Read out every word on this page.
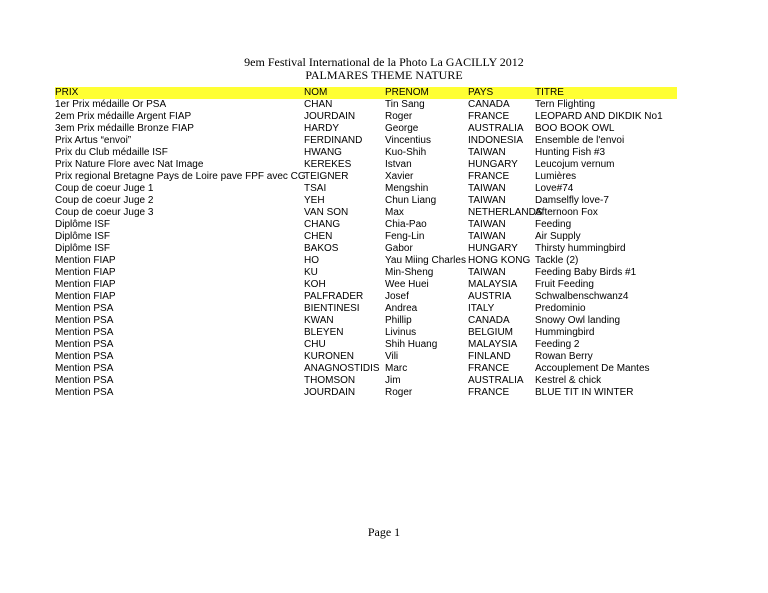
9em Festival International de la Photo La GACILLY 2012
PALMARES THEME NATURE
PRIX	NOM	PRENOM	PAYS	TITRE
1er Prix médaille Or PSA	CHAN	Tin Sang	CANADA	Tern Flighting
2em Prix médaille Argent FIAP	JOURDAIN	Roger	FRANCE	LEOPARD AND DIKDIK No1
3em Prix médaille Bronze FIAP	HARDY	George	AUSTRALIA	BOO BOOK OWL
Prix Artus “envoi”	FERDINAND	Vincentius	INDONESIA	Ensemble de l'envoi
Prix du Club médaille ISF	HWANG	Kuo-Shih	TAIWAN	Hunting Fish #3
Prix Nature Flore avec Nat Image	KEREKES	Istvan	HUNGARY	Leucojum vernum
Prix regional Bretagne Pays de Loire pave FPF avec CG	TEIGNER	Xavier	FRANCE	Lumières
Coup de coeur Juge 1	TSAI	Mengshin	TAIWAN	Love#74
Coup de coeur Juge 2	YEH	Chun Liang	TAIWAN	Damselfly love-7
Coup de coeur Juge 3	VAN SON	Max	NETHERLANDS	Afternoon Fox
Diplôme ISF	CHANG	Chia-Pao	TAIWAN	Feeding
Diplôme ISF	CHEN	Feng-Lin	TAIWAN	Air Supply
Diplôme ISF	BAKOS	Gabor	HUNGARY	Thirsty hummingbird
Mention FIAP	HO	Yau Miing Charles	HONG KONG	Tackle (2)
Mention FIAP	KU	Min-Sheng	TAIWAN	Feeding Baby Birds #1
Mention FIAP	KOH	Wee Huei	MALAYSIA	Fruit Feeding
Mention FIAP	PALFRADER	Josef	AUSTRIA	Schwalbenschwanz4
Mention PSA	BIENTINESI	Andrea	ITALY	Predominio
Mention PSA	KWAN	Phillip	CANADA	Snowy Owl landing
Mention PSA	BLEYEN	Livinus	BELGIUM	Hummingbird
Mention PSA	CHU	Shih Huang	MALAYSIA	Feeding 2
Mention PSA	KURONEN	Vili	FINLAND	Rowan Berry
Mention PSA	ANAGNOSTIDIS	Marc	FRANCE	Accouplement De Mantes
Mention PSA	THOMSON	Jim	AUSTRALIA	Kestrel & chick
Mention PSA	JOURDAIN	Roger	FRANCE	BLUE TIT IN WINTER
Page 1
